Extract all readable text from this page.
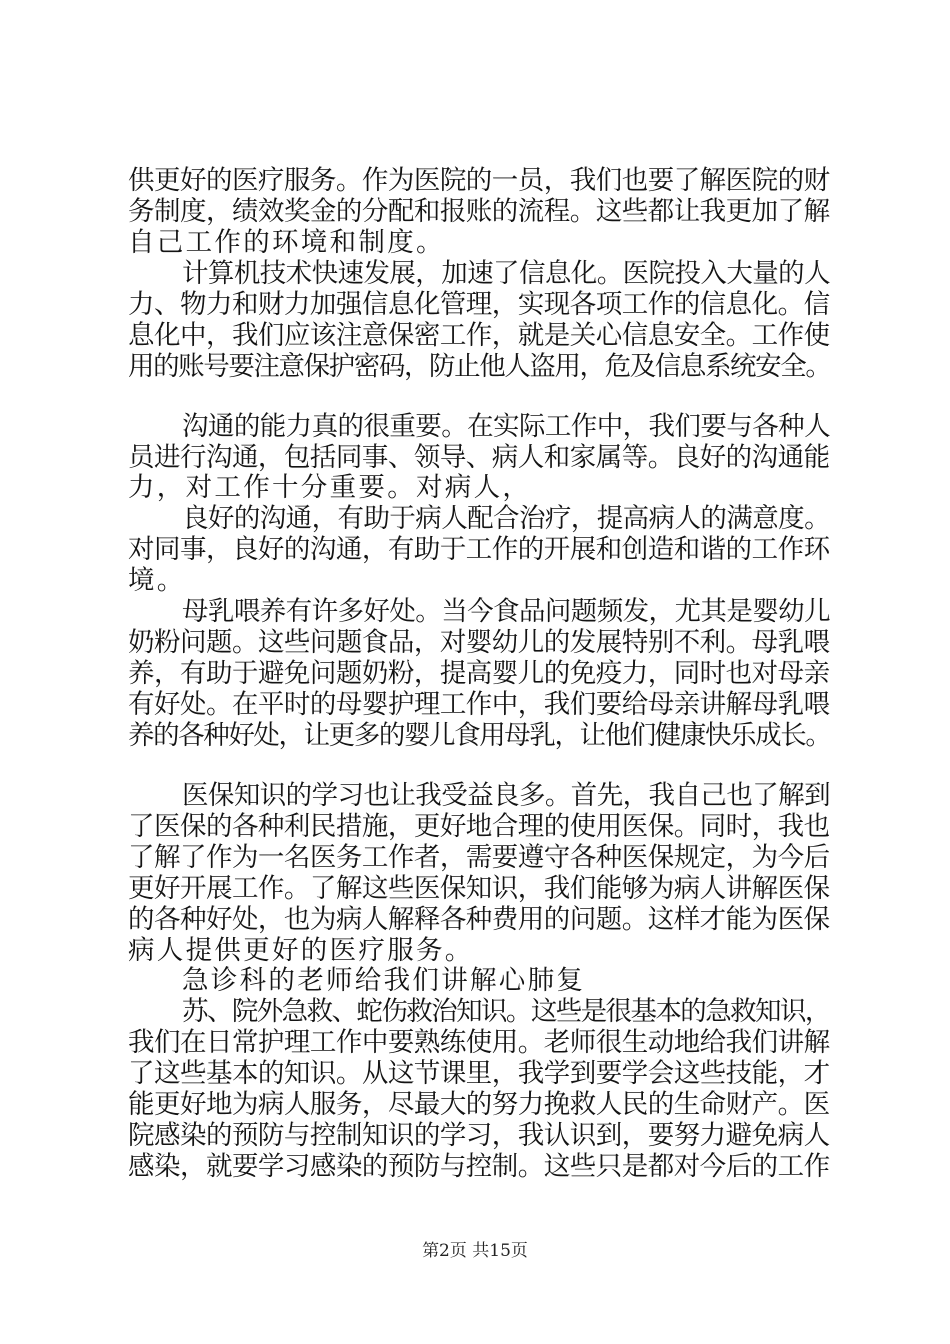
供更好的医疗服务。作为医院的一员，我们也要了解医院的财
务制度，绩效奖金的分配和报账的流程。这些都让我更加了解
自己工作的环境和制度。
计算机技术快速发展，加速了信息化。医院投入大量的人
力、物力和财力加强信息化管理，实现各项工作的信息化。信
息化中，我们应该注意保密工作，就是关心信息安全。工作使
用的账号要注意保护密码，防止他人盗用，危及信息系统安全。
沟通的能力真的很重要。在实际工作中，我们要与各种人
员进行沟通，包括同事、领导、病人和家属等。良好的沟通能
力，对工作十分重要。对病人，
良好的沟通，有助于病人配合治疗，提高病人的满意度。
对同事，良好的沟通，有助于工作的开展和创造和谐的工作环
境。
母乳喂养有许多好处。当今食品问题频发，尤其是婴幼儿
奶粉问题。这些问题食品，对婴幼儿的发展特别不利。母乳喂
养，有助于避免问题奶粉，提高婴儿的免疫力，同时也对母亲
有好处。在平时的母婴护理工作中，我们要给母亲讲解母乳喂
养的各种好处，让更多的婴儿食用母乳，让他们健康快乐成长。
医保知识的学习也让我受益良多。首先，我自己也了解到
了医保的各种利民措施，更好地合理的使用医保。同时，我也
了解了作为一名医务工作者，需要遵守各种医保规定，为今后
更好开展工作。了解这些医保知识，我们能够为病人讲解医保
的各种好处，也为病人解释各种费用的问题。这样才能为医保
病人提供更好的医疗服务。
急诊科的老师给我们讲解心肺复
苏、院外急救、蛇伤救治知识。这些是很基本的急救知识，
我们在日常护理工作中要熟练使用。老师很生动地给我们讲解
了这些基本的知识。从这节课里，我学到要学会这些技能，才
能更好地为病人服务，尽最大的努力挽救人民的生命财产。医
院感染的预防与控制知识的学习，我认识到，要努力避免病人
感染，就要学习感染的预防与控制。这些只是都对今后的工作
第2页 共15页
